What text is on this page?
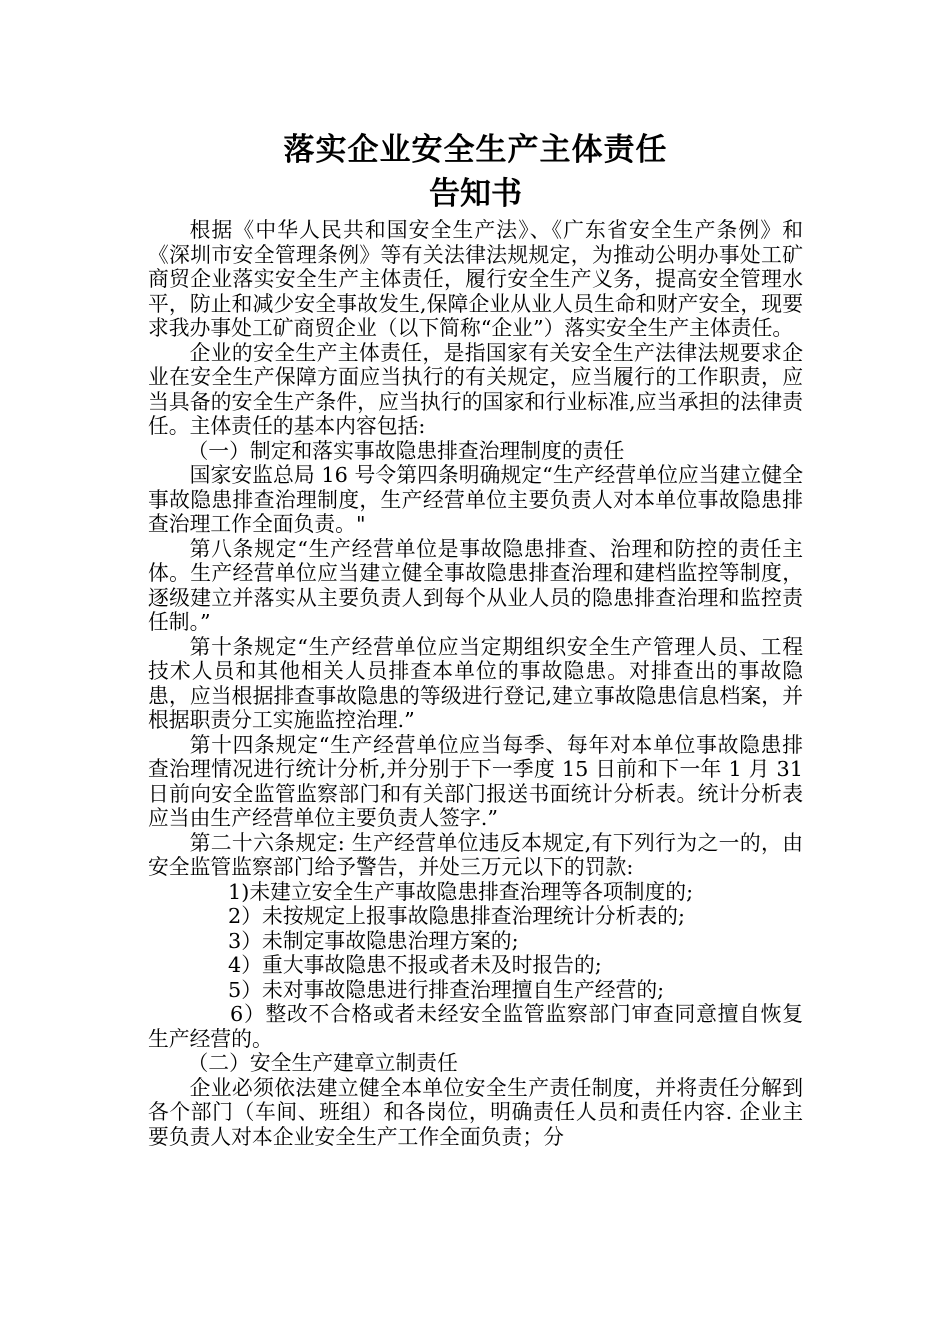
落实企业安全生产主体责任
告知书

根据《中华人民共和国安全生产法》、《广东省安全生产条例》和《深圳市安全管理条例》等有关法律法规规定，为推动公明办事处工矿商贸企业落实安全生产主体责任，履行安全生产义务，提高安全管理水平，防止和减少安全事故发生,保障企业从业人员生命和财产安全，现要求我办事处工矿商贸企业（以下简称“企业”）落实安全生产主体责任。

企业的安全生产主体责任，是指国家有关安全生产法律法规要求企业在安全生产保障方面应当执行的有关规定，应当履行的工作职责，应当具备的安全生产条件，应当执行的国家和行业标准,应当承担的法律责任。主体责任的基本内容包括:

（一）制定和落实事故隐患排查治理制度的责任

国家安监总局 16 号令第四条明确规定“生产经营单位应当建立健全事故隐患排查治理制度，生产经营单位主要负责人对本单位事故隐患排查治理工作全面负责。"

第八条规定“生产经营单位是事故隐患排查、治理和防控的责任主体。生产经营单位应当建立健全事故隐患排查治理和建档监控等制度，逐级建立并落实从主要负责人到每个从业人员的隐患排查治理和监控责任制。”

第十条规定“生产经营单位应当定期组织安全生产管理人员、工程技术人员和其他相关人员排查本单位的事故隐患。对排查出的事故隐患，应当根据排查事故隐患的等级进行登记,建立事故隐患信息档案，并根据职责分工实施监控治理.”

第十四条规定“生产经营单位应当每季、每年对本单位事故隐患排查治理情况进行统计分析,并分别于下一季度 15 日前和下一年 1 月 31 日前向安全监管监察部门和有关部门报送书面统计分析表。统计分析表应当由生产经营单位主要负责人签字.”

第二十六条规定: 生产经营单位违反本规定,有下列行为之一的，由安全监管监察部门给予警告，并处三万元以下的罚款:

1)未建立安全生产事故隐患排查治理等各项制度的;

2）未按规定上报事故隐患排查治理统计分析表的;

3）未制定事故隐患治理方案的;

4）重大事故隐患不报或者未及时报告的;

5）未对事故隐患进行排查治理擅自生产经营的;

6）整改不合格或者未经安全监管监察部门审查同意擅自恢复生产经营的。

（二）安全生产建章立制责任

企业必须依法建立健全本单位安全生产责任制度，并将责任分解到各个部门（车间、班组）和各岗位，明确责任人员和责任内容. 企业主要负责人对本企业安全生产工作全面负责；分
